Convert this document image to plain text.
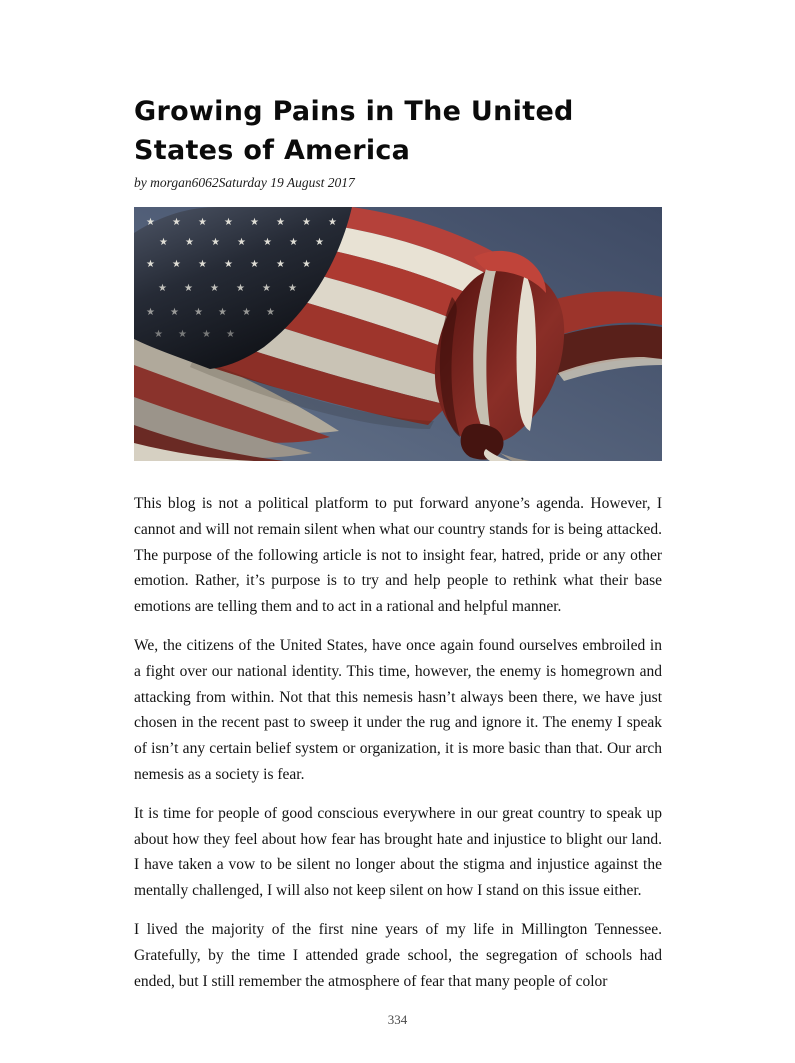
Growing Pains in The United States of America
by morgan6062Saturday 19 August 2017
★ ★ ★ ★ ★ ★ ★ ★
★ ★ ★ ★ ★ ★ ★
★ ★ ★ ★ ★ ★ ★
★ ★ ★ ★ ★ ★
★ ★ ★ ★ ★ ★
★ ★ ★ ★

This blog is not a political platform to put forward anyone’s agenda. However, I cannot and will not remain silent when what our country stands for is being attacked. The purpose of the following article is not to insight fear, hatred, pride or any other emotion. Rather, it’s purpose is to try and help people to rethink what their base emotions are telling them and to act in a rational and helpful manner.

We, the citizens of the United States, have once again found ourselves embroiled in a fight over our national identity. This time, however, the enemy is homegrown and attacking from within. Not that this nemesis hasn’t always been there, we have just chosen in the recent past to sweep it under the rug and ignore it. The enemy I speak of isn’t any certain belief system or organization, it is more basic than that. Our arch nemesis as a society is fear.

It is time for people of good conscious everywhere in our great country to speak up about how they feel about how fear has brought hate and injustice to blight our land. I have taken a vow to be silent no longer about the stigma and injustice against the mentally challenged, I will also not keep silent on how I stand on this issue either.

I lived the majority of the first nine years of my life in Millington Tennessee. Gratefully, by the time I attended grade school, the segregation of schools had ended, but I still remember the atmosphere of fear that many people of color

334
